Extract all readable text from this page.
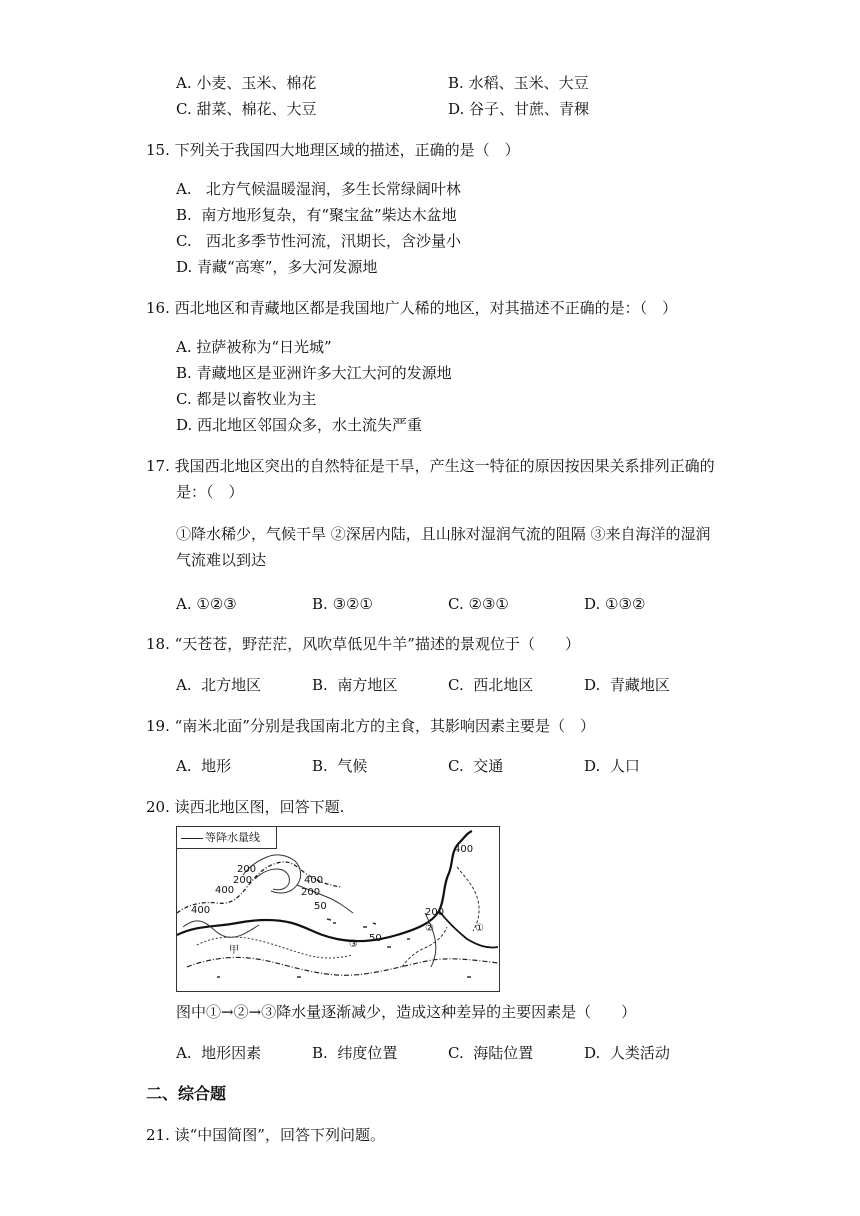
A. 小麦、玉米、棉花	B. 水稻、玉米、大豆
C. 甜菜、棉花、大豆	D. 谷子、甘蔗、青稞
15. 下列关于我国四大地理区域的描述，正确的是（　）
A. 北方气候温暖湿润，多生长常绿阔叶林
B. 南方地形复杂，有“聚宝盆”柴达木盆地
C. 西北多季节性河流，汛期长，含沙量小
D. 青藏“高寒”，多大河发源地
16. 西北地区和青藏地区都是我国地广人稀的地区，对其描述不正确的是：（　）
A. 拉萨被称为“日光城”
B. 青藏地区是亚洲许多大江大河的发源地
C. 都是以畜牧业为主
D. 西北地区邻国众多，水土流失严重
17. 我国西北地区突出的自然特征是干旱，产生这一特征的原因按因果关系排列正确的
是：（　）
①降水稀少，气候干旱 ②深居内陆，且山脉对湿润气流的阻隔 ③来自海洋的湿润
气流难以到达
A. ①②③	B. ③②①	C. ②③①	D. ①③②
18. “天苍苍，野茫茫，风吹草低见牛羊”描述的景观位于（　　）
A. 北方地区	B. 南方地区	C. 西北地区	D. 青藏地区
19. “南米北面”分别是我国南北方的主食，其影响因素主要是（　）
A. 地形	B. 气候	C. 交通	D. 人口
20. 读西北地区图，回答下题.
等降水量线
400
200
200
400	200
400
50
400
50
200
甲
①
②
③
图中①→②→③降水量逐渐减少，造成这种差异的主要因素是（　　）
A. 地形因素	B. 纬度位置	C. 海陆位置	D. 人类活动
二、综合题
21. 读“中国简图”，回答下列问题。
